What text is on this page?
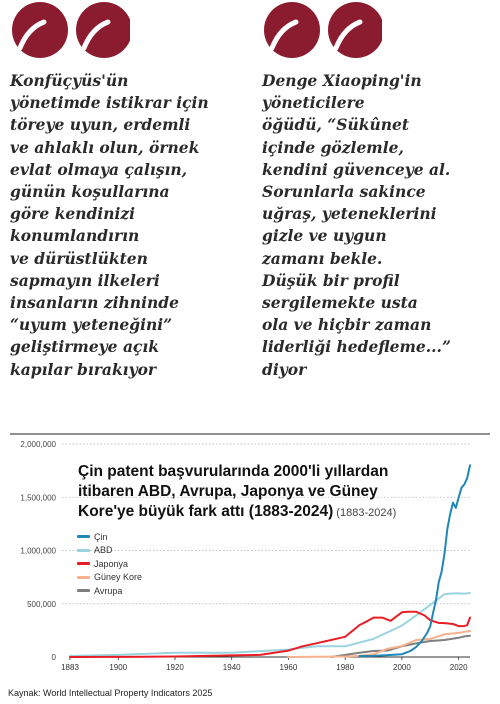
Konfüçyüs'ün
yönetimde istikrar için
töreye uyun, erdemli
ve ahlaklı olun, örnek
evlat olmaya çalışın,
günün koşullarına
göre kendinizi
konumlandırın
ve dürüstlükten
sapmayın ilkeleri
insanların zihninde
“uyum yeteneğini”
geliştirmeye açık
kapılar bırakıyor

Denge Xiaoping'in
yöneticilere
öğüdü, “Sükûnet
içinde gözlemle,
kendini güvenceye al.
Sorunlarla sakince
uğraş, yeteneklerini
gizle ve uygun
zamanı bekle.
Düşük bir profil
sergilemekte usta
ola ve hiçbir zaman
liderliği hedefleme...”
diyor

0
500,000
1,000,000
1,500,000
2,000,000
1883	1900	1920	1940	1960	1980	2000	2020
Çin patent başvurularında 2000'li yıllardan
itibaren ABD, Avrupa, Japonya ve Güney
Kore'ye büyük fark attı (1883-2024) (1883-2024)
Çin
ABD
Japonya
Güney Kore
Avrupa
Kaynak: World Intellectual Property Indicators 2025
